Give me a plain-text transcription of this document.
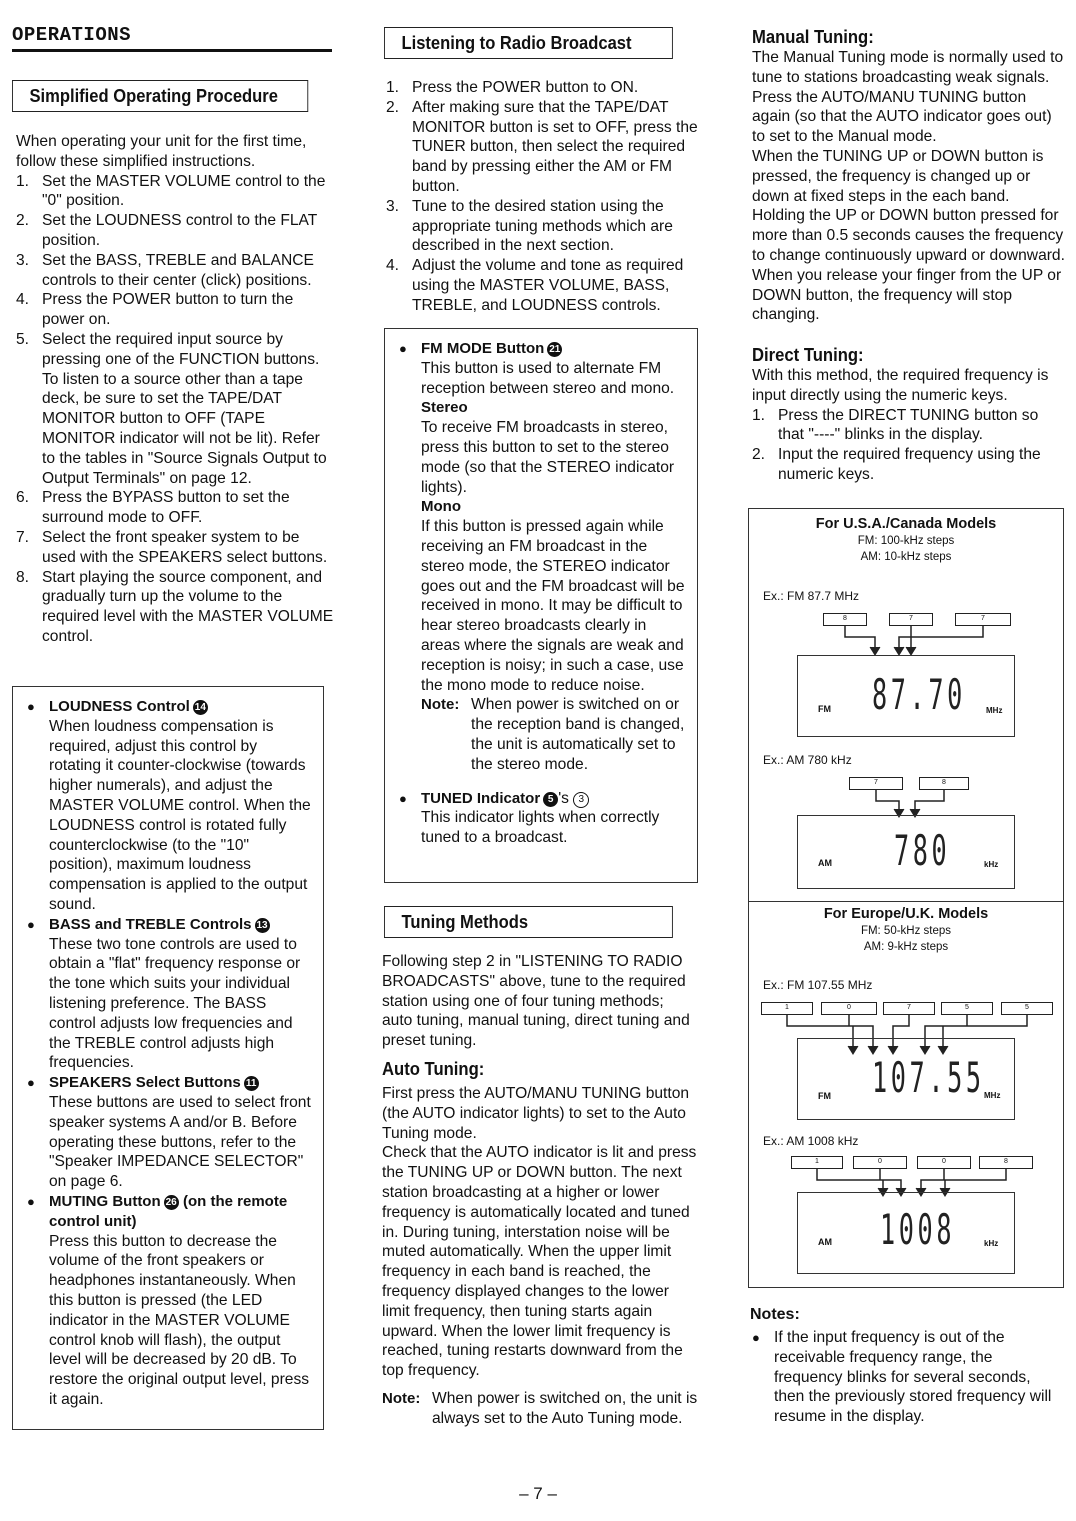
OPERATIONS
Simplified Operating Procedure
When operating your unit for the first time, follow these simplified instructions.
1. Set the MASTER VOLUME control to the "0" position.
2. Set the LOUDNESS control to the FLAT position.
3. Set the BASS, TREBLE and BALANCE controls to their center (click) positions.
4. Press the POWER button to turn the power on.
5. Select the required input source by pressing one of the FUNCTION buttons. To listen to a source other than a tape deck, be sure to set the TAPE/DAT MONITOR button to OFF (TAPE MONITOR indicator will not be lit). Refer to the tables in "Source Signals Output to Output Terminals" on page 12.
6. Press the BYPASS button to set the surround mode to OFF.
7. Select the front speaker system to be used with the SPEAKERS select buttons.
8. Start playing the source component, and gradually turn up the volume to the required level with the MASTER VOLUME control.
● LOUDNESS Control 14
When loudness compensation is required, adjust this control by rotating it counter-clockwise (towards higher numerals), and adjust the MASTER VOLUME control. When the LOUDNESS control is rotated fully counterclockwise (to the "10" position), maximum loudness compensation is applied to the output sound.
● BASS and TREBLE Controls 13
These two tone controls are used to obtain a "flat" frequency response or the tone which suits your individual listening preference. The BASS control adjusts low frequencies and the TREBLE control adjusts high frequencies.
● SPEAKERS Select Buttons 11
These buttons are used to select front speaker systems A and/or B. Before operating these buttons, refer to the "Speaker IMPEDANCE SELECTOR" on page 6.
● MUTING Button 26 (on the remote control unit)
Press this button to decrease the volume of the front speakers or headphones instantaneously. When this button is pressed (the LED indicator in the MASTER VOLUME control knob will flash), the output level will be decreased by 20 dB. To restore the original output level, press it again.
Listening to Radio Broadcast
1. Press the POWER button to ON.
2. After making sure that the TAPE/DAT MONITOR button is set to OFF, press the TUNER button, then select the required band by pressing either the AM or FM button.
3. Tune to the desired station using the appropriate tuning methods which are described in the next section.
4. Adjust the volume and tone as required using the MASTER VOLUME, BASS, TREBLE, and LOUDNESS controls.
● FM MODE Button 21
This button is used to alternate FM reception between stereo and mono.
Stereo
To receive FM broadcasts in stereo, press this button to set to the stereo mode (so that the STEREO indicator lights).
Mono
If this button is pressed again while receiving an FM broadcast in the stereo mode, the STEREO indicator goes out and the FM broadcast will be received in mono. It may be difficult to hear stereo broadcasts clearly in areas where the signals are weak and reception is noisy; in such a case, use the mono mode to reduce noise.
Note: When power is switched on or the reception band is changed, the unit is automatically set to the stereo mode.
● TUNED Indicator 5 's 3
This indicator lights when correctly tuned to a broadcast.
Tuning Methods
Following step 2 in "LISTENING TO RADIO BROADCASTS" above, tune to the required station using one of four tuning methods; auto tuning, manual tuning, direct tuning and preset tuning.
Auto Tuning:
First press the AUTO/MANU TUNING button (the AUTO indicator lights) to set to the Auto Tuning mode.
Check that the AUTO indicator is lit and press the TUNING UP or DOWN button. The next station broadcasting at a higher or lower frequency is automatically located and tuned in. During tuning, interstation noise will be muted automatically. When the upper limit frequency in each band is reached, the frequency displayed changes to the lower limit frequency, then tuning starts again upward. When the lower limit frequency is reached, tuning restarts downward from the top frequency.
Note: When power is switched on, the unit is always set to the Auto Tuning mode.
Manual Tuning:
The Manual Tuning mode is normally used to tune to stations broadcasting weak signals.
Press the AUTO/MANU TUNING button again (so that the AUTO indicator goes out) to set to the Manual mode.
When the TUNING UP or DOWN button is pressed, the frequency is changed up or down at fixed steps in the each band. Holding the UP or DOWN button pressed for more than 0.5 seconds causes the frequency to change continuously upward or downward. When you release your finger from the UP or DOWN button, the frequency will stop changing.
Direct Tuning:
With this method, the required frequency is input directly using the numeric keys.
1. Press the DIRECT TUNING button so that "----" blinks in the display.
2. Input the required frequency using the numeric keys.
For U.S.A./Canada Models
FM: 100-kHz steps
AM: 10-kHz steps
Ex.: FM 87.7 MHz
8	7	7
FM 87.70	MHz
Ex.: AM 780 kHz
7	8
AM 780	kHz
For Europe/U.K. Models
FM: 50-kHz steps
AM: 9-kHz steps
Ex.: FM 107.55 MHz
1	0	7	5	5
FM 107.55 MHz
Ex.: AM 1008 kHz
1	0	0	8
AM 1008	kHz
Notes:
● If the input frequency is out of the receivable frequency range, the frequency blinks for several seconds, then the previously stored frequency will resume in the display.
– 7 –
